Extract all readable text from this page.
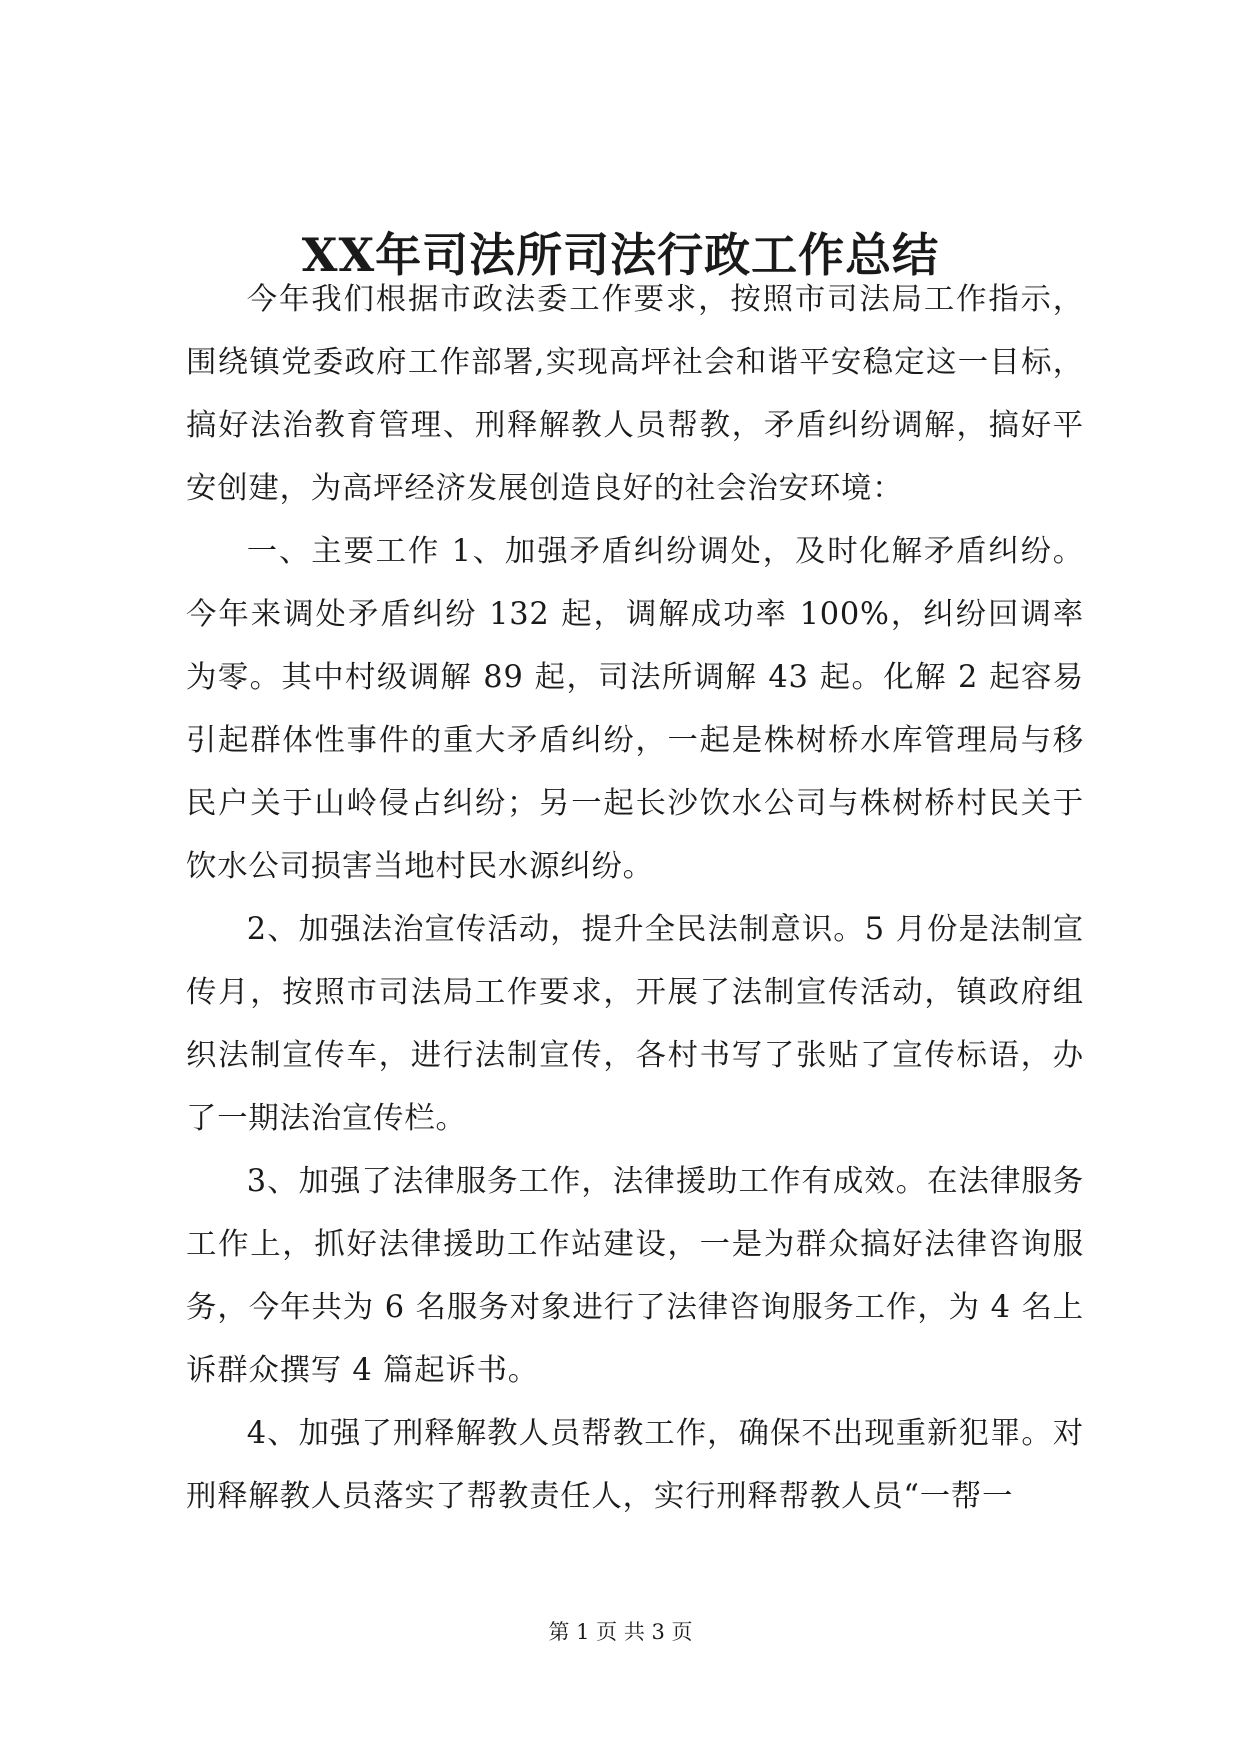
XX年司法所司法行政工作总结

今年我们根据市政法委工作要求，按照市司法局工作指示，围绕镇党委政府工作部署,实现高坪社会和谐平安稳定这一目标，搞好法治教育管理、刑释解教人员帮教，矛盾纠纷调解，搞好平安创建，为高坪经济发展创造良好的社会治安环境：

一、主要工作 1、加强矛盾纠纷调处，及时化解矛盾纠纷。今年来调处矛盾纠纷 132 起，调解成功率 100%，纠纷回调率为零。其中村级调解 89 起，司法所调解 43 起。化解 2 起容易引起群体性事件的重大矛盾纠纷，一起是株树桥水库管理局与移民户关于山岭侵占纠纷；另一起长沙饮水公司与株树桥村民关于饮水公司损害当地村民水源纠纷。

2、加强法治宣传活动，提升全民法制意识。5 月份是法制宣传月，按照市司法局工作要求，开展了法制宣传活动，镇政府组织法制宣传车，进行法制宣传，各村书写了张贴了宣传标语，办了一期法治宣传栏。

3、加强了法律服务工作，法律援助工作有成效。在法律服务工作上，抓好法律援助工作站建设，一是为群众搞好法律咨询服务，今年共为 6 名服务对象进行了法律咨询服务工作，为 4 名上诉群众撰写 4 篇起诉书。

4、加强了刑释解教人员帮教工作，确保不出现重新犯罪。对刑释解教人员落实了帮教责任人，实行刑释帮教人员“一帮一

第 1 页 共 3 页
